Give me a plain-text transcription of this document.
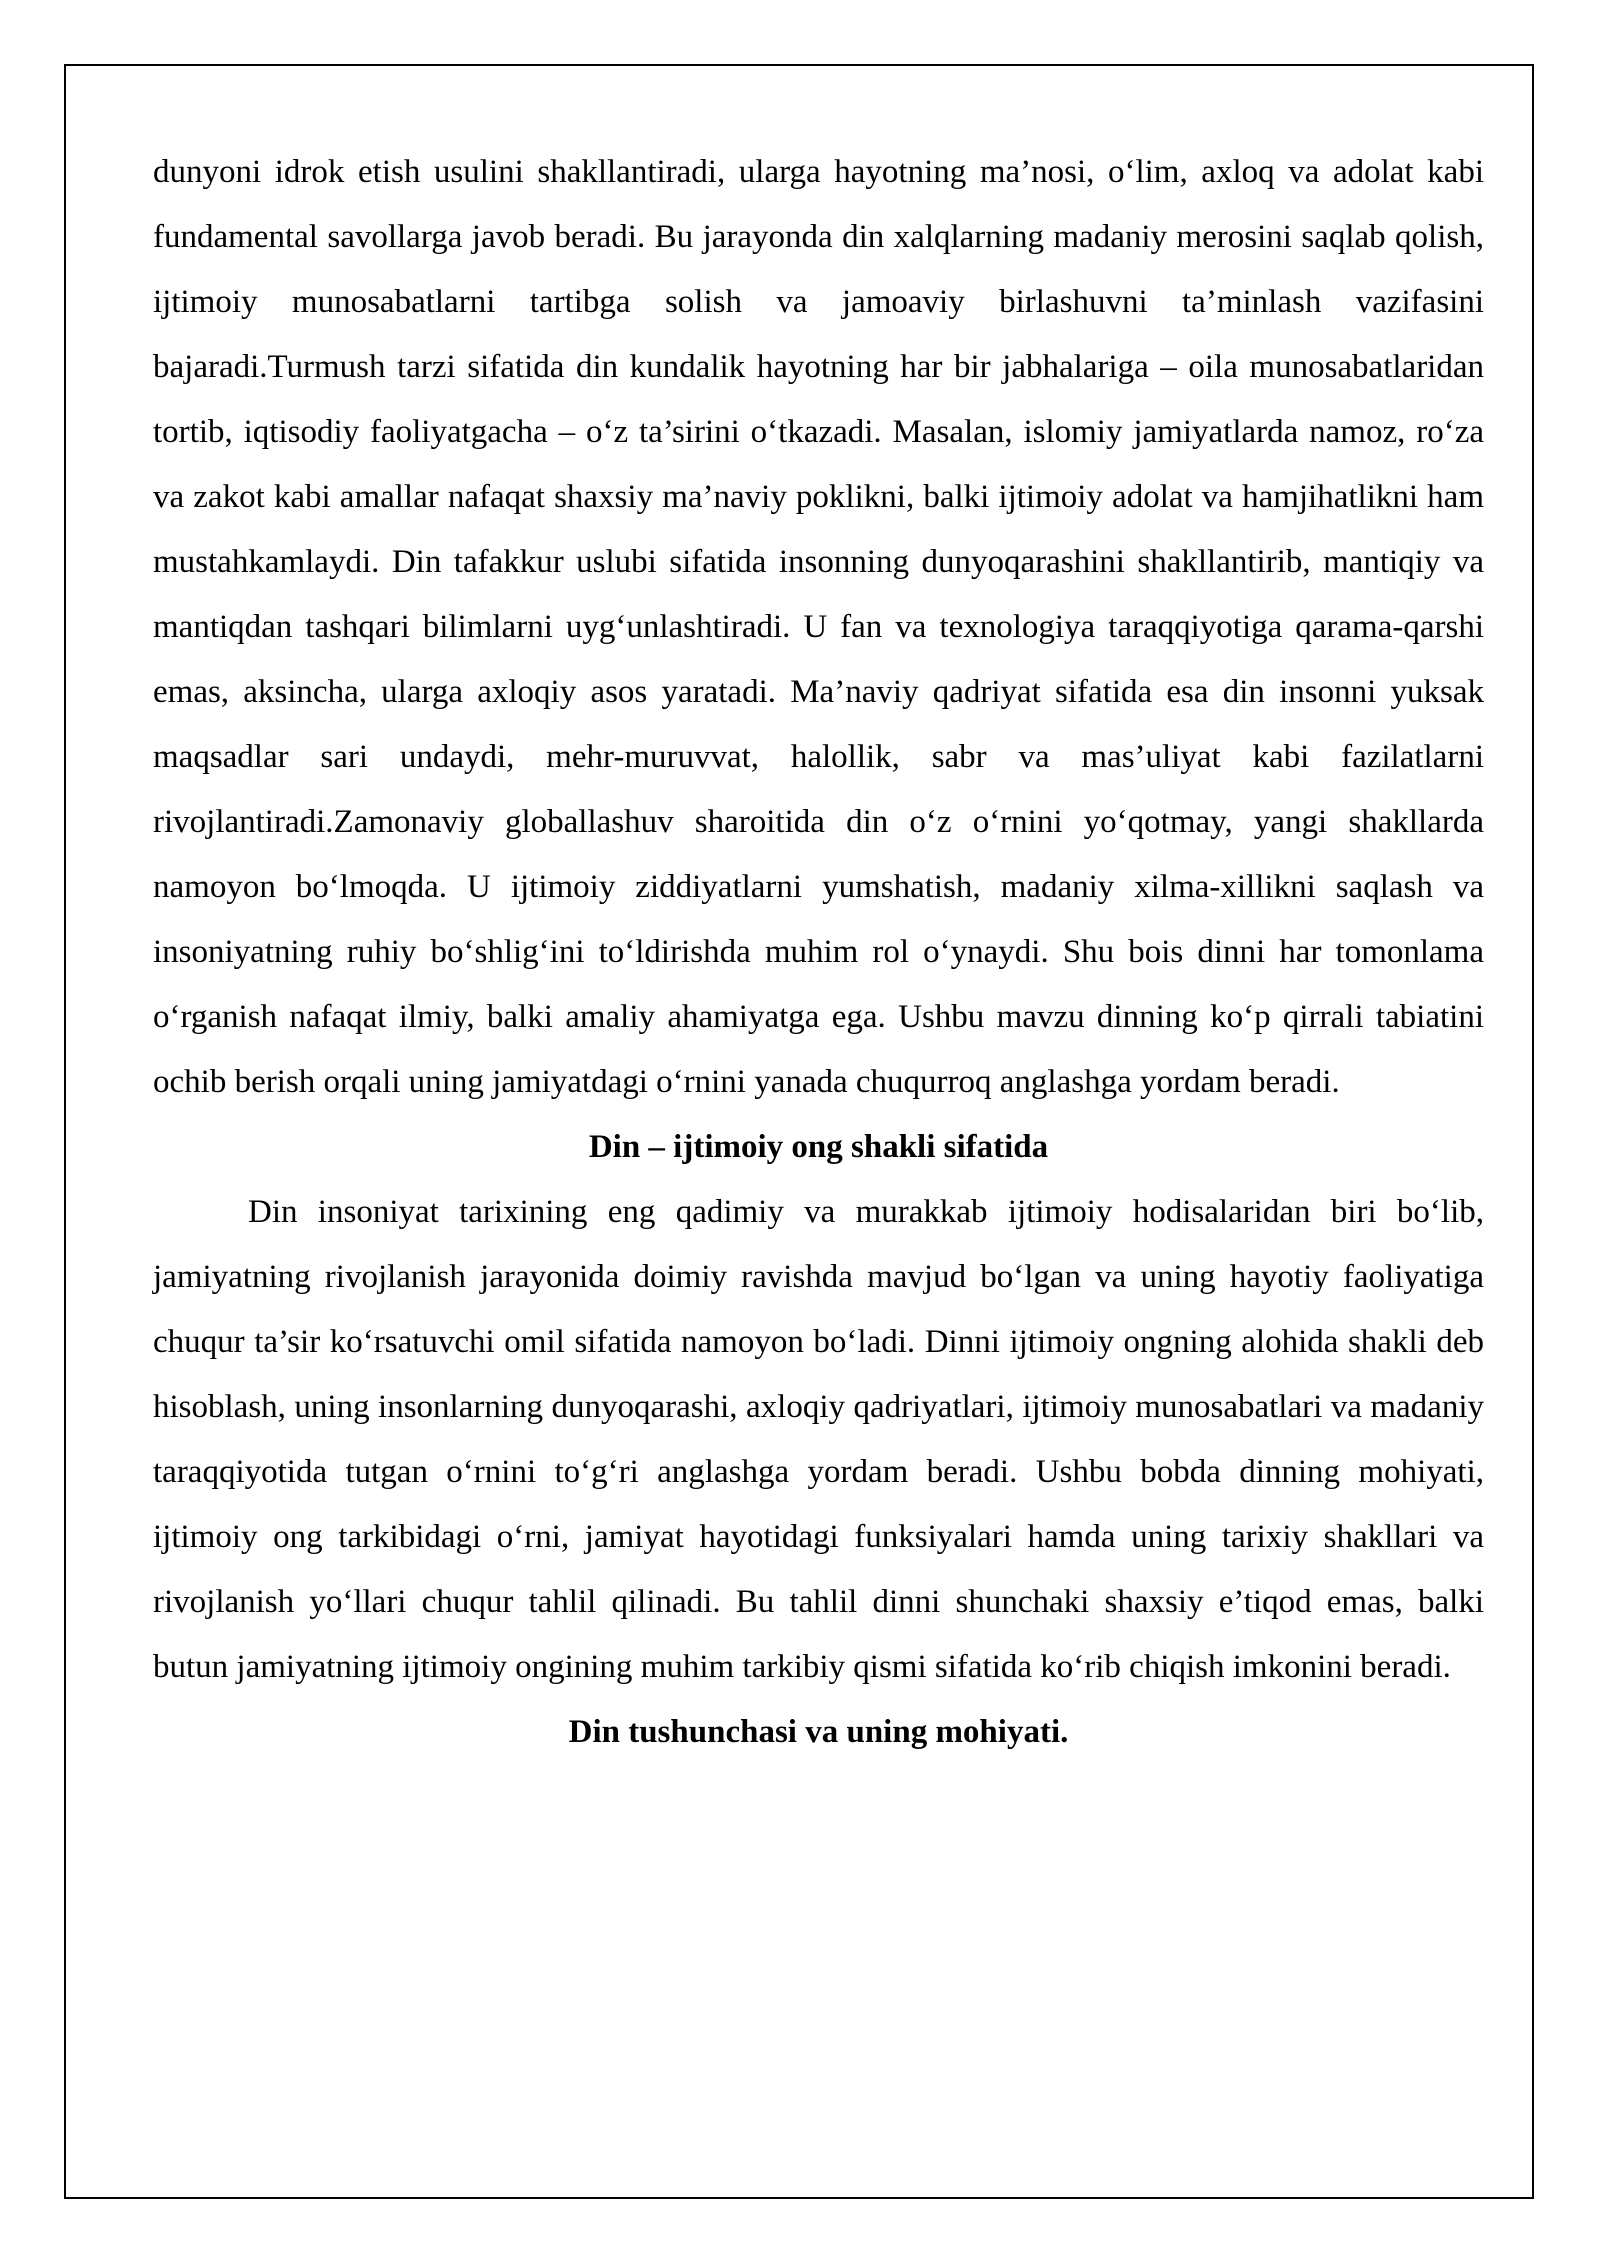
dunyoni idrok etish usulini shakllantiradi, ularga hayotning ma’nosi, o‘lim, axloq va adolat kabi fundamental savollarga javob beradi. Bu jarayonda din xalqlarning madaniy merosini saqlab qolish, ijtimoiy munosabatlarni tartibga solish va jamoaviy birlashuvni ta’minlash vazifasini bajaradi.Turmush tarzi sifatida din kundalik hayotning har bir jabhalariga – oila munosabatlaridan tortib, iqtisodiy faoliyatgacha – o‘z ta’sirini o‘tkazadi. Masalan, islomiy jamiyatlarda namoz, ro‘za va zakot kabi amallar nafaqat shaxsiy ma’naviy poklikni, balki ijtimoiy adolat va hamjihatlikni ham mustahkamlaydi. Din tafakkur uslubi sifatida insonning dunyoqarashini shakllantirib, mantiqiy va mantiqdan tashqari bilimlarni uyg‘unlashtiradi. U fan va texnologiya taraqqiyotiga qarama-qarshi emas, aksincha, ularga axloqiy asos yaratadi. Ma’naviy qadriyat sifatida esa din insonni yuksak maqsadlar sari undaydi, mehr-muruvvat, halollik, sabr va mas’uliyat kabi fazilatlarni rivojlantiradi.Zamonaviy globallashuv sharoitida din o‘z o‘rnini yo‘qotmay, yangi shakllarda namoyon bo‘lmoqda. U ijtimoiy ziddiyatlarni yumshatish, madaniy xilma-xillikni saqlash va insoniyatning ruhiy bo‘shlig‘ini to‘ldirishda muhim rol o‘ynaydi. Shu bois dinni har tomonlama o‘rganish nafaqat ilmiy, balki amaliy ahamiyatga ega. Ushbu mavzu dinning ko‘p qirrali tabiatini ochib berish orqali uning jamiyatdagi o‘rnini yanada chuqurroq anglashga yordam beradi.

Din – ijtimoiy ong shakli sifatida

Din insoniyat tarixining eng qadimiy va murakkab ijtimoiy hodisalaridan biri bo‘lib, jamiyatning rivojlanish jarayonida doimiy ravishda mavjud bo‘lgan va uning hayotiy faoliyatiga chuqur ta’sir ko‘rsatuvchi omil sifatida namoyon bo‘ladi. Dinni ijtimoiy ongning alohida shakli deb hisoblash, uning insonlarning dunyoqarashi, axloqiy qadriyatlari, ijtimoiy munosabatlari va madaniy taraqqiyotida tutgan o‘rnini to‘g‘ri anglashga yordam beradi. Ushbu bobda dinning mohiyati, ijtimoiy ong tarkibidagi o‘rni, jamiyat hayotidagi funksiyalari hamda uning tarixiy shakllari va rivojlanish yo‘llari chuqur tahlil qilinadi. Bu tahlil dinni shunchaki shaxsiy e’tiqod emas, balki butun jamiyatning ijtimoiy ongining muhim tarkibiy qismi sifatida ko‘rib chiqish imkonini beradi.

Din tushunchasi va uning mohiyati.
